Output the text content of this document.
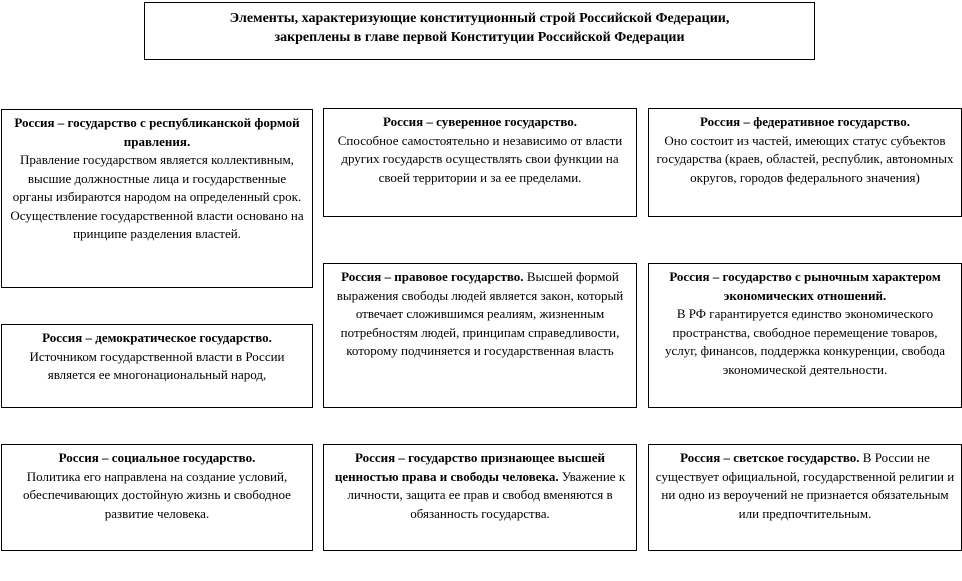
Элементы, характеризующие конституционный строй Российской Федерации,
закреплены в главе первой Конституции Российской Федерации
Россия – государство с республиканской формой правления.
Правление государством является коллективным, высшие должностные лица и государственные органы избираются народом на определенный срок. Осуществление государственной власти основано на принципе разделения властей.
Россия – суверенное государство.
Способное самостоятельно и независимо от власти других государств осуществлять свои функции на своей территории и за ее пределами.
Россия – федеративное государство.
Оно состоит из частей, имеющих статус субъектов государства (краев, областей, республик, автономных округов, городов федерального значения)
Россия – демократическое государство.
Источником государственной власти в России является ее многонациональный народ,
Россия – правовое государство. Высшей формой выражения свободы людей является закон, который отвечает сложившимся реалиям, жизненным потребностям людей, принципам справедливости, которому подчиняется и государственная власть
Россия – государство с рыночным характером экономических отношений.
В РФ гарантируется единство экономического пространства, свободное перемещение товаров, услуг, финансов, поддержка конкуренции, свобода экономической деятельности.
Россия – социальное государство.
Политика его направлена на создание условий, обеспечивающих достойную жизнь и свободное развитие человека.
Россия – государство признающее высшей ценностью права и свободы человека. Уважение к личности, защита ее прав и свобод вменяются в обязанность государства.
Россия – светское государство. В России не существует официальной, государственной религии и ни одно из вероучений не признается обязательным или предпочтительным.
